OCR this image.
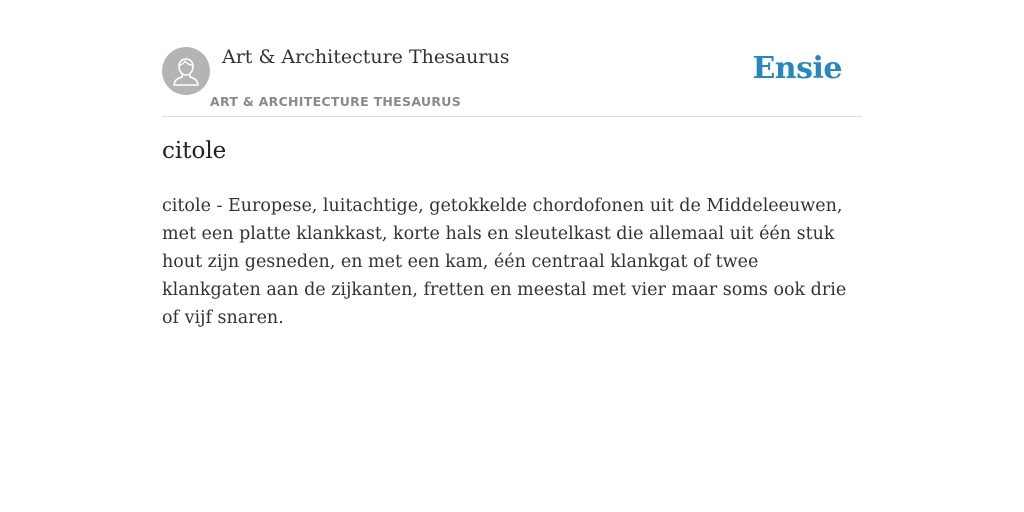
Art & Architecture Thesaurus
ART & ARCHITECTURE THESAURUS
Ensie
citole

citole - Europese, luitachtige, getokkelde chordofonen uit de Middeleeuwen, met een platte klankkast, korte hals en sleutelkast die allemaal uit één stuk hout zijn gesneden, en met een kam, één centraal klankgat of twee klankgaten aan de zijkanten, fretten en meestal met vier maar soms ook drie of vijf snaren.
